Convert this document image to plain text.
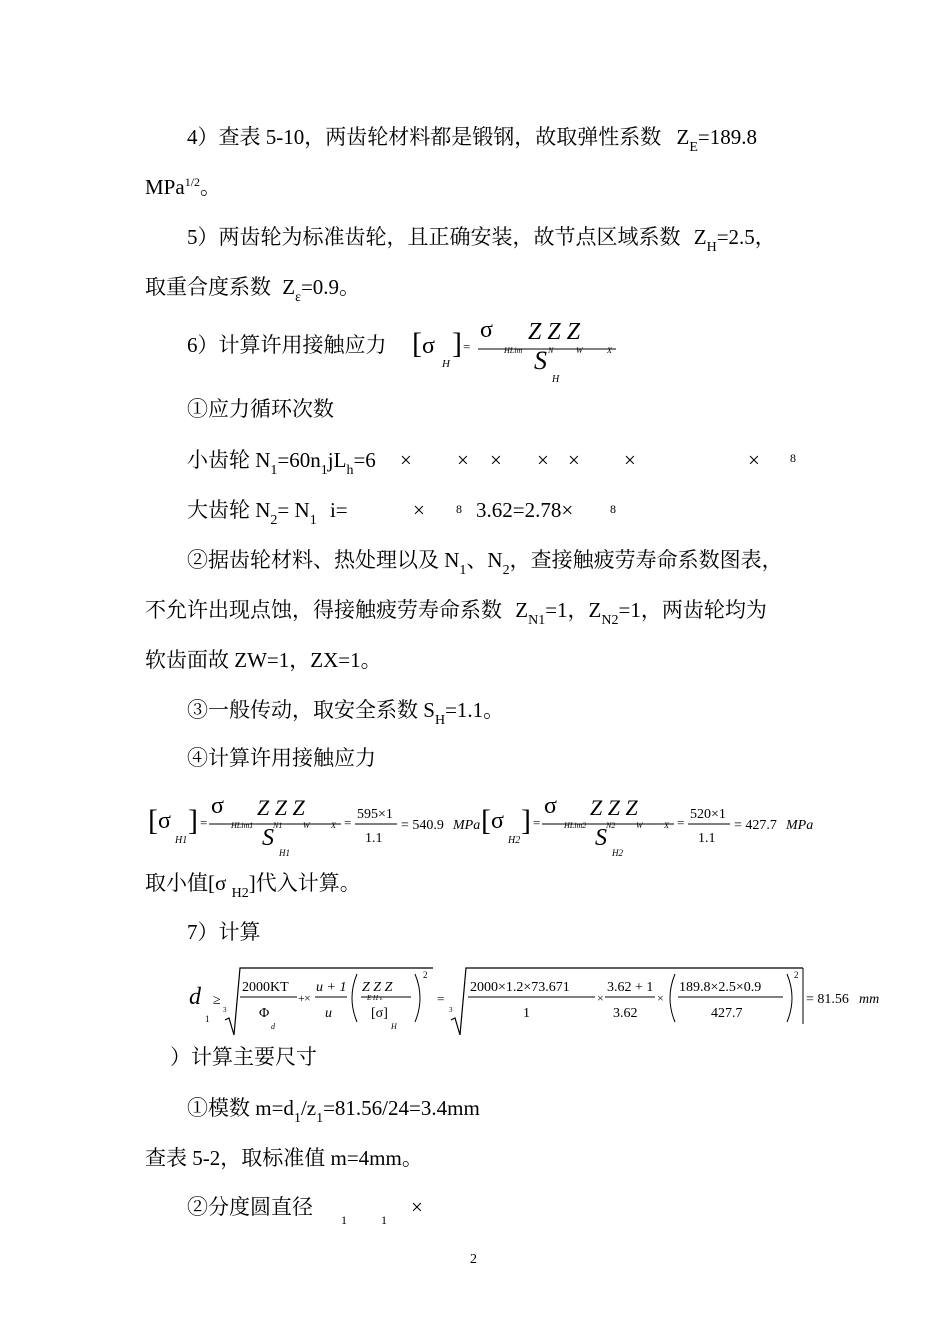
4）查表 5-10，两齿轮材料都是锻钢，故取弹性系数 $Z_E=189.8$
MPa$^{1/2}$。
5）两齿轮为标准齿轮，且正确安装，故节点区域系数 $Z_H=2.5$，
取重合度系数 $Z_\varepsilon=0.9$。
6）计算许用接触应力 [ σ ]
H
=
σ Z Z Z
HLim	N	W	X
S
H
①应力循环次数
小齿轮 $N_1=60n_1jL_h=6$ × × × × × ×	×	8
大齿轮 $N_2= N_1$ i=	×	8 3.62=2.78×	8
②据齿轮材料、热处理以及 $N_1$、$N_2$，查接触疲劳寿命系数图表，
不允许出现点蚀，得接触疲劳寿命系数 $Z_{N1}=1$，$Z_{N2}=1$，两齿轮均为
软齿面故 ZW=1，ZX=1。
③一般传动，取安全系数 $S_H=1.1$。
④计算许用接触应力
[ σ ]
H1
=
σ Z Z Z
HLim1 N1	W	X
S
H1
=
595×1
1.1
= 540.9 MPa [ σ ]
H2
=
σ Z Z Z
HLim2 N2	W	X
S
H2
=
520×1
1.1
= 427.7 MPa
取小值[σ $_{H2}$]代入计算。
7）计算
d
1
≥
3
2000KT
Φ
d
+ ×
u + 1
u
Z Z Z
E H ε
[σ]
H
2
=
3
2000×1.2×73.671
1
×
3.62 + 1
3.62
×
189.8×2.5×0.9
427.7
2
= 81.56 mm
）计算主要尺寸
①模数 $m=d_1/z_1=81.56/24=3.4mm$
查表 5-2，取标准值 m=4mm。
②分度圆直径
1	1
×
2
